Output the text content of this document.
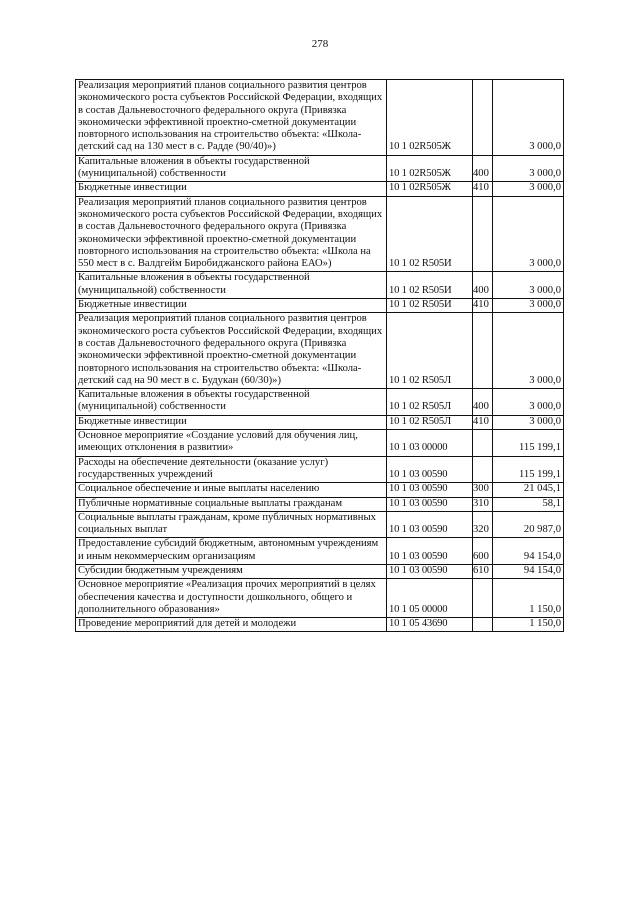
278
Реализация мероприятий планов социального развития центров экономического роста субъектов Российской Федерации, входящих в состав Дальневосточного федерального округа (Привязка экономически эффективной проектно-сметной документации повторного использования на строительство объекта: «Школа-детский сад на 130 мест в с. Радде (90/40)»)	10 1 02R505Ж		3 000,0
Капитальные вложения в объекты государственной (муниципальной) собственности	10 1 02R505Ж	400	3 000,0
Бюджетные инвестиции	10 1 02R505Ж	410	3 000,0
Реализация мероприятий планов социального развития центров экономического роста субъектов Российской Федерации, входящих в состав Дальневосточного федерального округа (Привязка экономически эффективной проектно-сметной документации повторного использования на строительство объекта: «Школа на 550 мест в с. Валдгейм Биробиджанского района ЕАО»)	10 1 02 R505И		3 000,0
Капитальные вложения в объекты государственной (муниципальной) собственности	10 1 02 R505И	400	3 000,0
Бюджетные инвестиции	10 1 02 R505И	410	3 000,0
Реализация мероприятий планов социального развития центров экономического роста субъектов Российской Федерации, входящих в состав Дальневосточного федерального округа (Привязка экономически эффективной проектно-сметной документации повторного использования на строительство объекта: «Школа-детский сад на 90 мест в с. Будукан (60/30)»)	10 1 02 R505Л		3 000,0
Капитальные вложения в объекты государственной (муниципальной) собственности	10 1 02 R505Л	400	3 000,0
Бюджетные инвестиции	10 1 02 R505Л	410	3 000,0
Основное мероприятие «Создание условий для обучения лиц, имеющих отклонения в развитии»	10 1 03 00000		115 199,1
Расходы на обеспечение деятельности (оказание услуг) государственных учреждений	10 1 03 00590		115 199,1
Социальное обеспечение и иные выплаты населению	10 1 03 00590	300	21 045,1
Публичные нормативные социальные выплаты гражданам	10 1 03 00590	310	58,1
Социальные выплаты гражданам, кроме публичных нормативных социальных выплат	10 1 03 00590	320	20 987,0
Предоставление субсидий бюджетным, автономным учреждениям и иным некоммерческим организациям	10 1 03 00590	600	94 154,0
Субсидии бюджетным учреждениям	10 1 03 00590	610	94 154,0
Основное мероприятие «Реализация прочих мероприятий в целях обеспечения качества и доступности дошкольного, общего и дополнительного образования»	10 1 05 00000		1 150,0
Проведение мероприятий для детей и молодежи	10 1 05 43690		1 150,0
